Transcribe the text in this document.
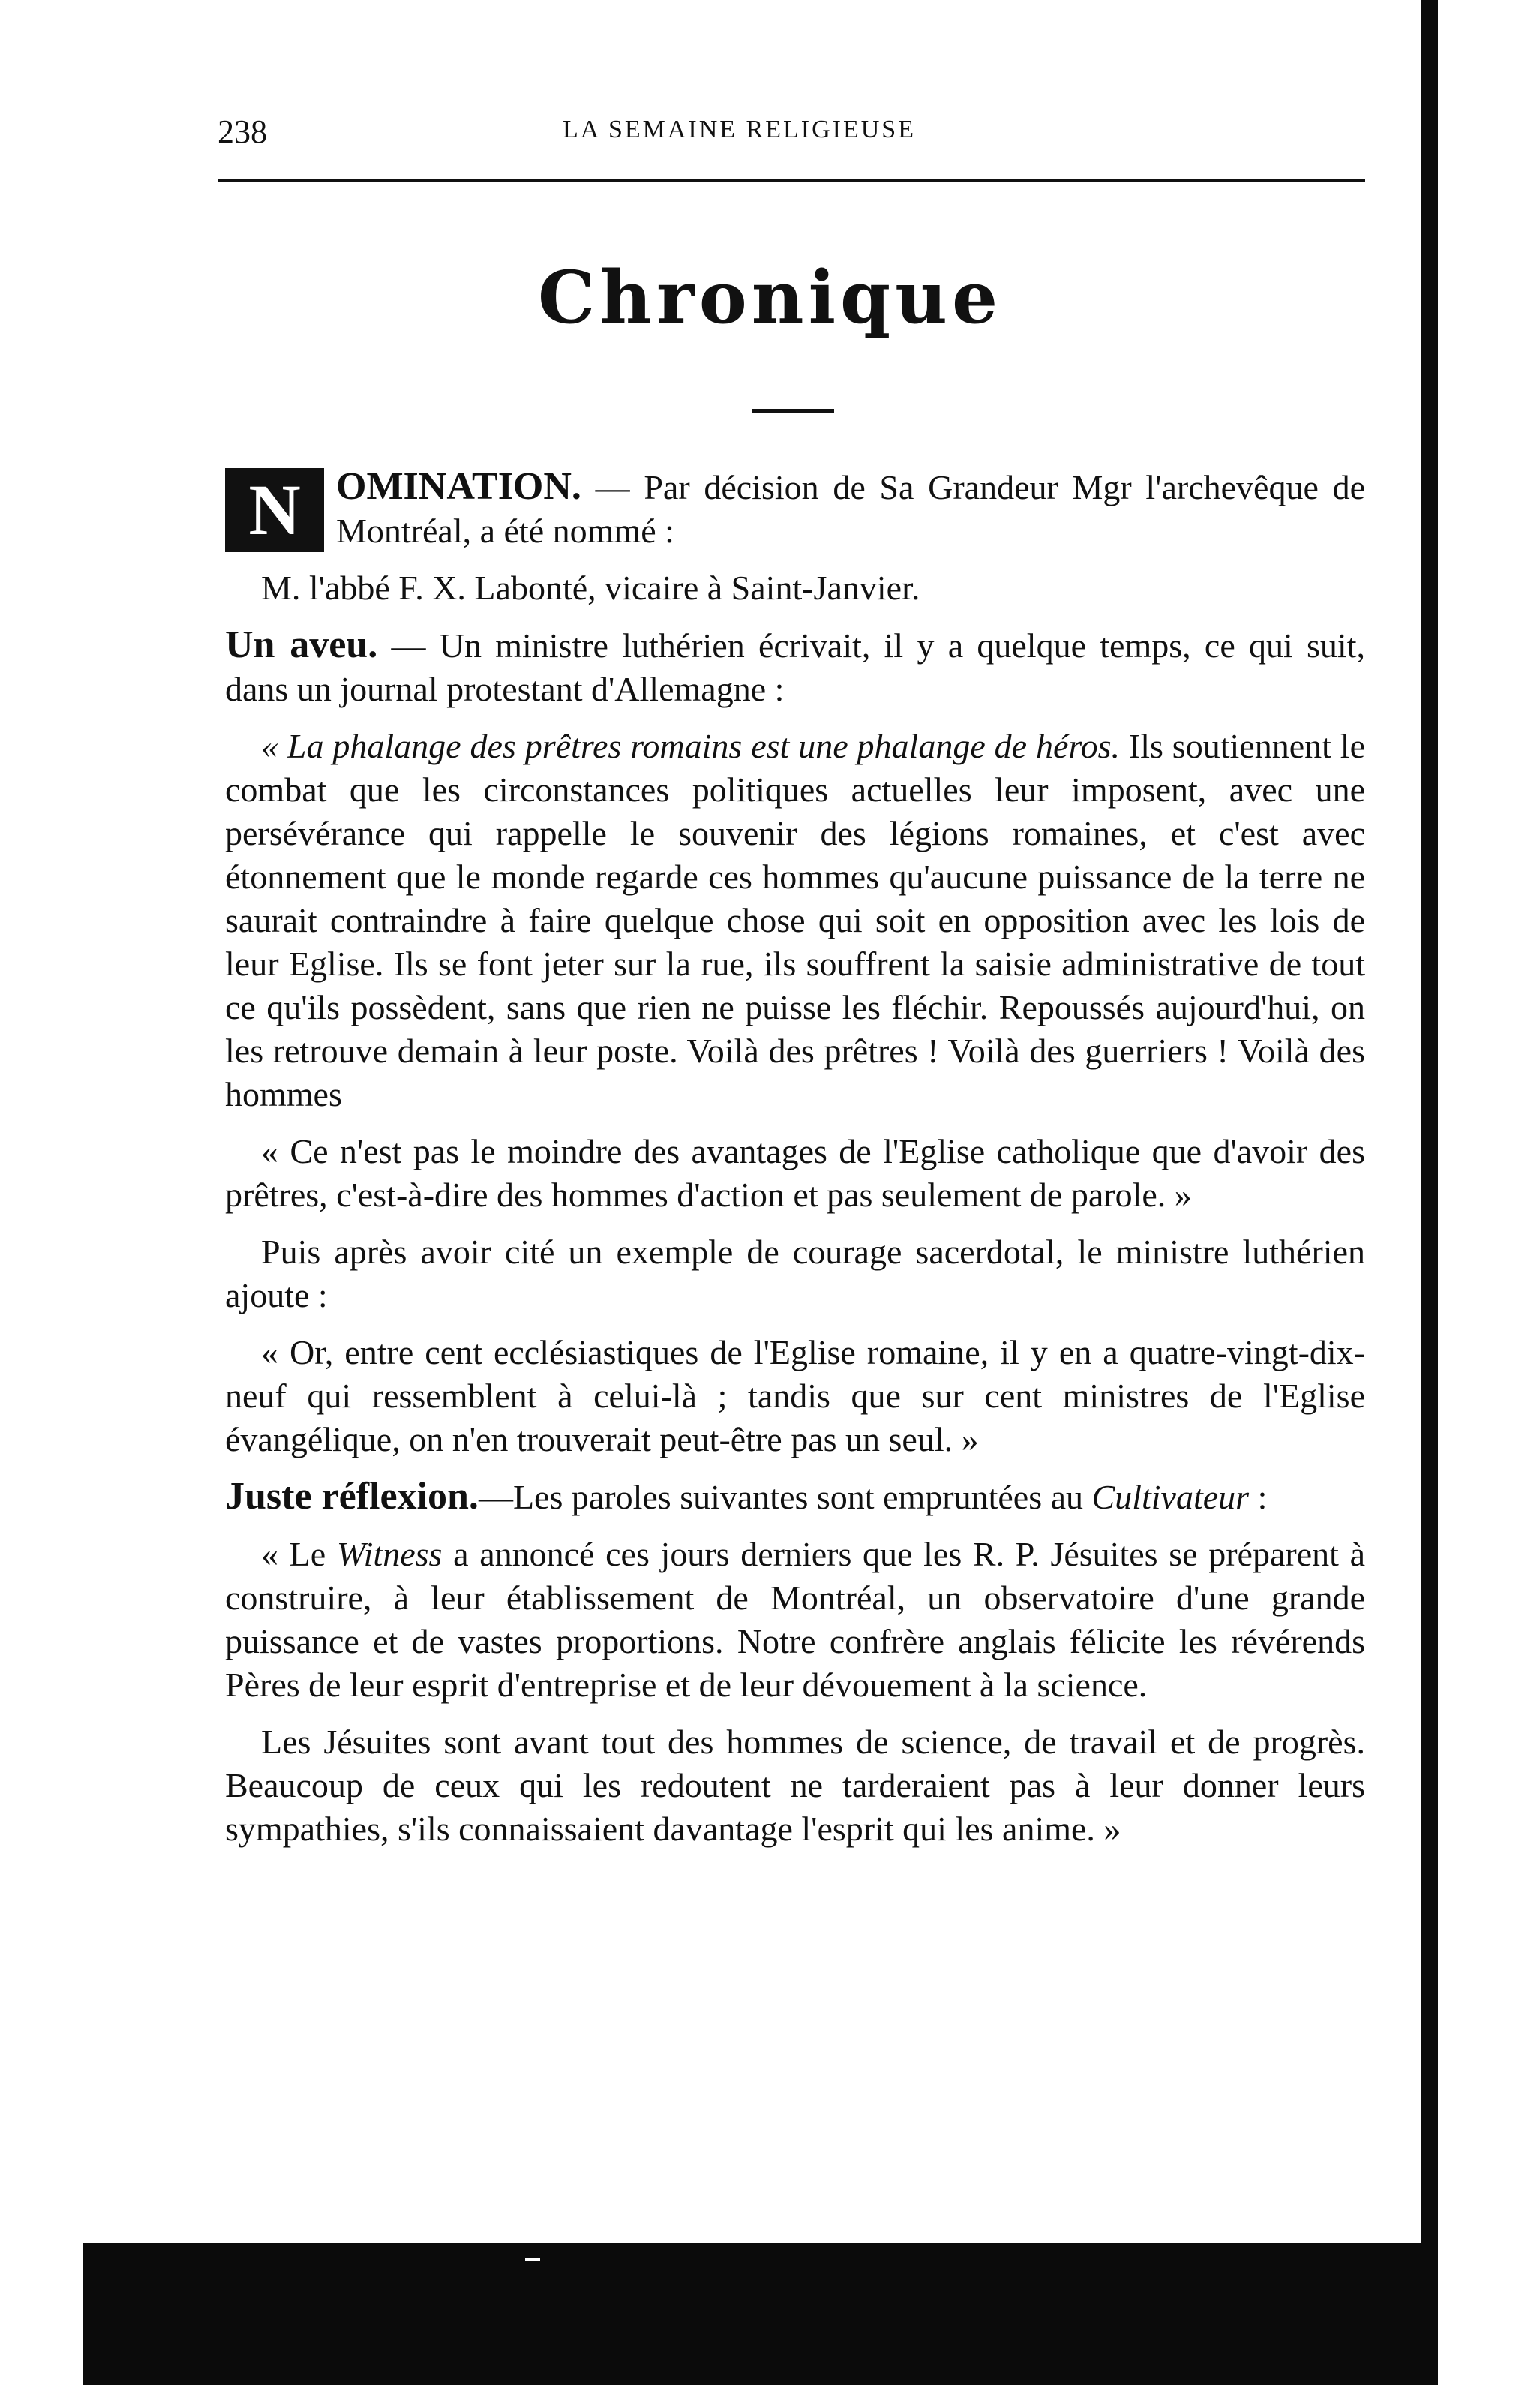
238	LA SEMAINE RELIGIEUSE
Chronique

N OMINATION. — Par décision de Sa Grandeur Mgr l'archevêque de Montréal, a été nommé :

M. l'abbé F. X. Labonté, vicaire à Saint-Janvier.

Un aveu. — Un ministre luthérien écrivait, il y a quelque temps, ce qui suit, dans un journal protestant d'Allemagne :

« La phalange des prêtres romains est une phalange de héros. Ils soutiennent le combat que les circonstances politiques actuelles leur imposent, avec une persévérance qui rappelle le souvenir des légions romaines, et c'est avec étonnement que le monde regarde ces hommes qu'aucune puissance de la terre ne saurait contraindre à faire quelque chose qui soit en opposition avec les lois de leur Eglise. Ils se font jeter sur la rue, ils souffrent la saisie administrative de tout ce qu'ils possèdent, sans que rien ne puisse les fléchir. Repoussés aujourd'hui, on les retrouve demain à leur poste. Voilà des prêtres ! Voilà des guerriers ! Voilà des hommes

« Ce n'est pas le moindre des avantages de l'Eglise catholique que d'avoir des prêtres, c'est-à-dire des hommes d'action et pas seulement de parole. »

Puis après avoir cité un exemple de courage sacerdotal, le ministre luthérien ajoute :

« Or, entre cent ecclésiastiques de l'Eglise romaine, il y en a quatre-vingt-dix-neuf qui ressemblent à celui-là ; tandis que sur cent ministres de l'Eglise évangélique, on n'en trouverait peut-être pas un seul. »

Juste réflexion.—Les paroles suivantes sont empruntées au Cultivateur :

« Le Witness a annoncé ces jours derniers que les R. P. Jésuites se préparent à construire, à leur établissement de Montréal, un observatoire d'une grande puissance et de vastes proportions. Notre confrère anglais félicite les révérends Pères de leur esprit d'entreprise et de leur dévouement à la science.

Les Jésuites sont avant tout des hommes de science, de travail et de progrès. Beaucoup de ceux qui les redoutent ne tarderaient pas à leur donner leurs sympathies, s'ils connaissaient davantage l'esprit qui les anime. »
